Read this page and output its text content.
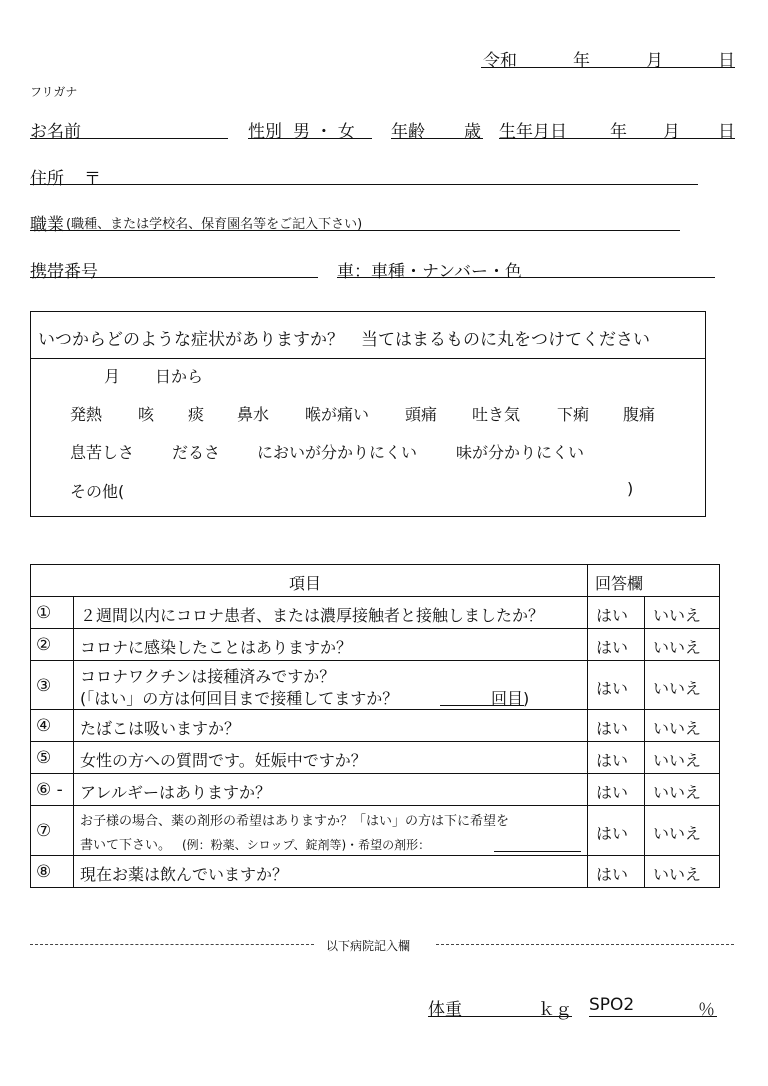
令和	年	月	日
フリガナ
お名前	性別 男 ・ 女 年齢 歳 生年月日	年 月 日
住所 〒
職業 (職種、または学校名、保育園名等をご記入下さい)
携帯番号	車：車種・ナンバー・色
いつからどのような症状がありますか？　当てはまるものに丸をつけてください
月 日から
発熱 咳 痰 鼻水 喉が痛い 頭痛 吐き気 下痢 腹痛
息苦しさ だるさ においが分かりにくい 味が分かりにくい
その他(	)
項目	回答欄
① ２週間以内にコロナ患者、または濃厚接触者と接触しましたか？	はい いいえ
② コロナに感染したことはありますか？	はい いいえ
③ コロナワクチンは接種済みですか？
(「はい」の方は何回目まで接種してますか？	回目)
はい いいえ
④ たばこは吸いますか？	はい いいえ
⑤ 女性の方への質問です。妊娠中ですか？	はい いいえ
⑥ - アレルギーはありますか？	はい いいえ
⑦ お子様の場合、薬の剤形の希望はありますか？「はい」の方は下に希望を
書いて下さい。 (例：粉薬、シロップ、錠剤等)・希望の剤形：
はい いいえ
⑧ 現在お薬は飲んでいますか？	はい いいえ
以下病院記入欄
体重	ｋｇ SPO2	％
